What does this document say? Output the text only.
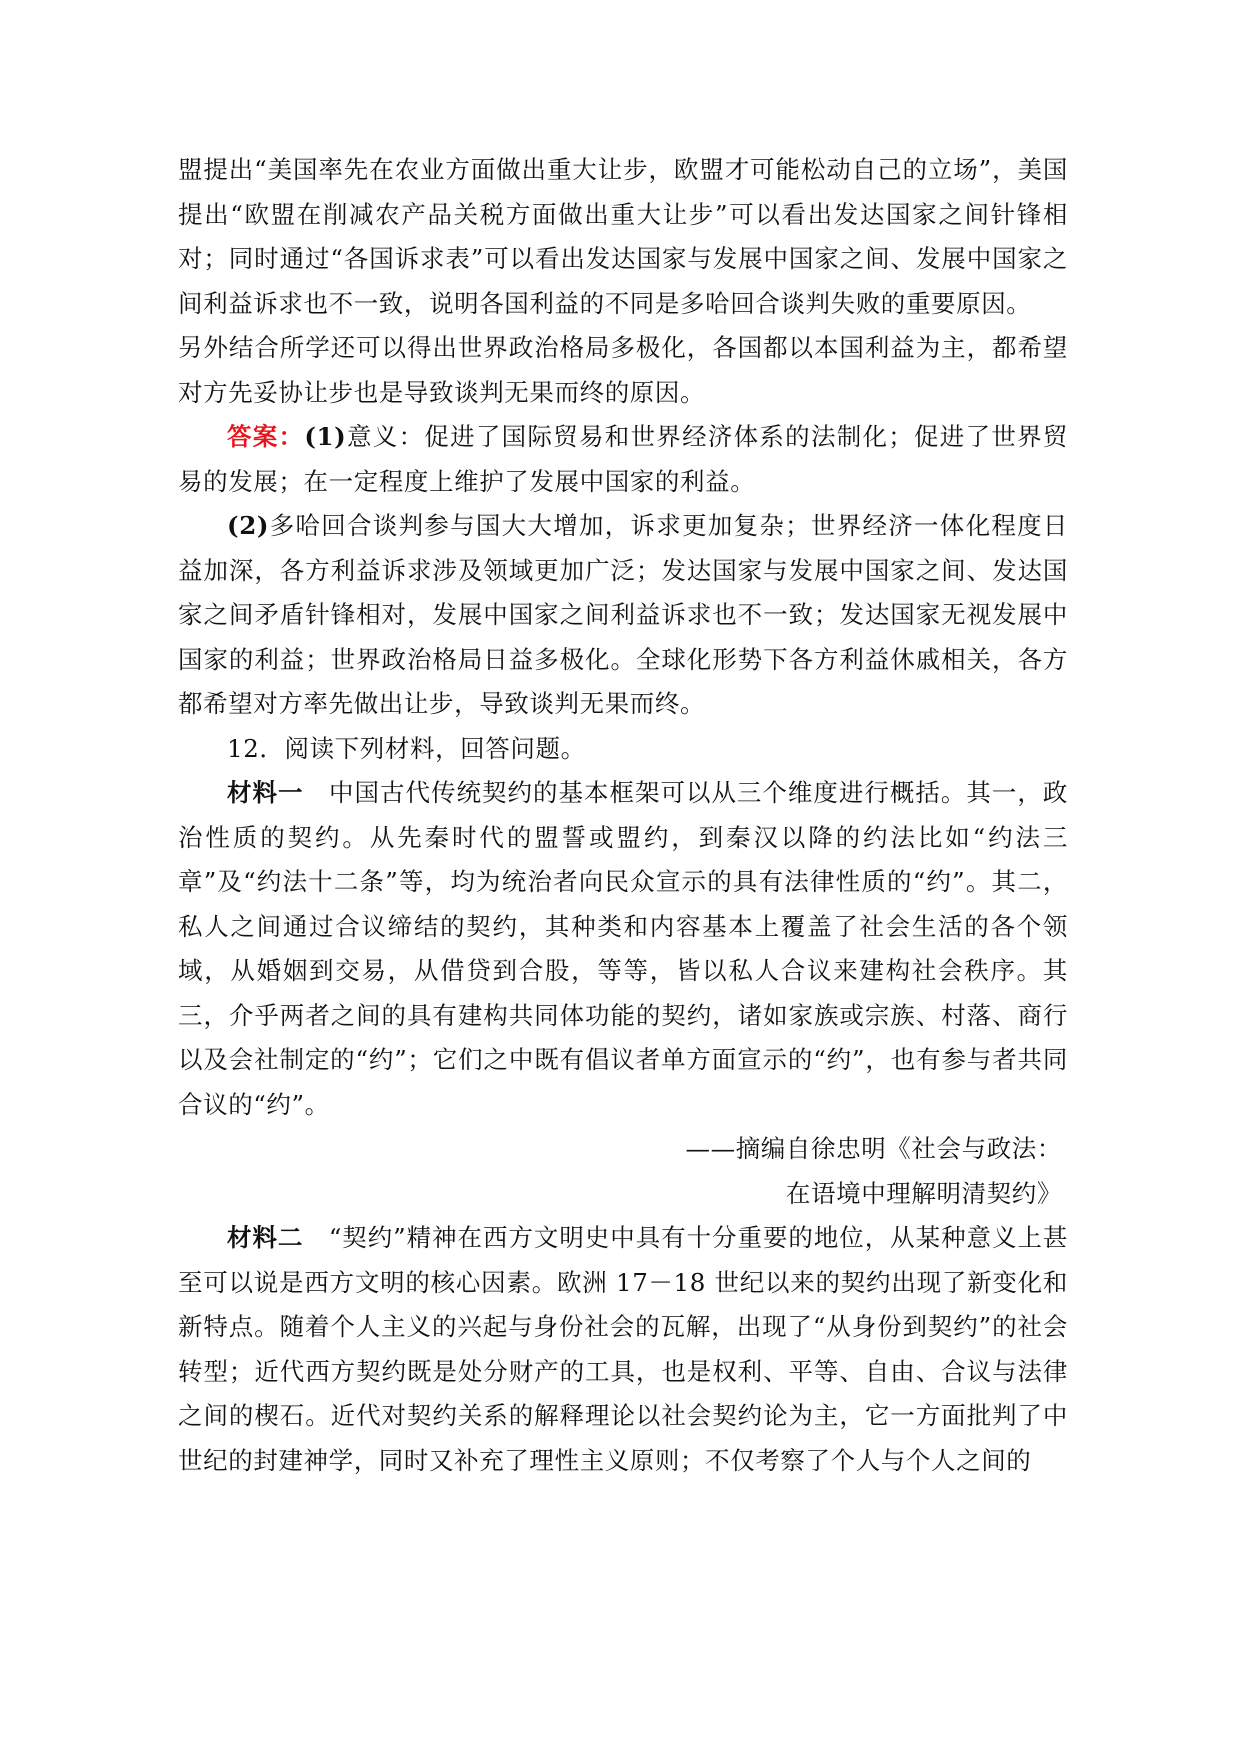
盟提出“美国率先在农业方面做出重大让步，欧盟才可能松动自己的立场”，美国提出“欧盟在削减农产品关税方面做出重大让步”可以看出发达国家之间针锋相对；同时通过“各国诉求表”可以看出发达国家与发展中国家之间、发展中国家之间利益诉求也不一致，说明各国利益的不同是多哈回合谈判失败的重要原因。

另外结合所学还可以得出世界政治格局多极化，各国都以本国利益为主，都希望对方先妥协让步也是导致谈判无果而终的原因。

答案：(1)意义：促进了国际贸易和世界经济体系的法制化；促进了世界贸易的发展；在一定程度上维护了发展中国家的利益。

(2)多哈回合谈判参与国大大增加，诉求更加复杂；世界经济一体化程度日益加深，各方利益诉求涉及领域更加广泛；发达国家与发展中国家之间、发达国家之间矛盾针锋相对，发展中国家之间利益诉求也不一致；发达国家无视发展中国家的利益；世界政治格局日益多极化。全球化形势下各方利益休戚相关，各方都希望对方率先做出让步，导致谈判无果而终。

12．阅读下列材料，回答问题。

材料一　 中国古代传统契约的基本框架可以从三个维度进行概括。其一，政治性质的契约。从先秦时代的盟誓或盟约，到秦汉以降的约法比如“约法三章”及“约法十二条”等，均为统治者向民众宣示的具有法律性质的“约”。其二，私人之间通过合议缔结的契约，其种类和内容基本上覆盖了社会生活的各个领域，从婚姻到交易，从借贷到合股，等等，皆以私人合议来建构社会秩序。其三，介乎两者之间的具有建构共同体功能的契约，诸如家族或宗族、村落、商行以及会社制定的“约”；它们之中既有倡议者单方面宣示的“约”，也有参与者共同合议的“约”。

——摘编自徐忠明《社会与政法：

在语境中理解明清契约》

材料二　 “契约”精神在西方文明史中具有十分重要的地位，从某种意义上甚至可以说是西方文明的核心因素。欧洲 17－18 世纪以来的契约出现了新变化和新特点。随着个人主义的兴起与身份社会的瓦解，出现了“从身份到契约”的社会转型；近代西方契约既是处分财产的工具，也是权利、平等、自由、合议与法律之间的楔石。近代对契约关系的解释理论以社会契约论为主，它一方面批判了中世纪的封建神学，同时又补充了理性主义原则；不仅考察了个人与个人之间的
